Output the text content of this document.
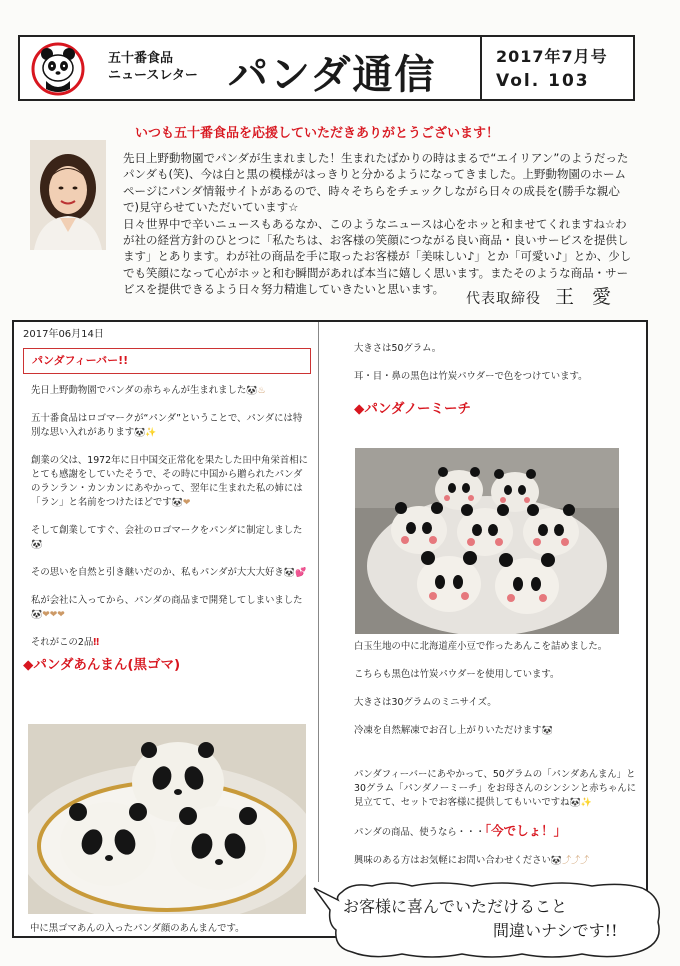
五十番食品
ニュースレター パンダ通信	2017年7月号
Vol. 103
いつも五十番食品を応援していただきありがとうございます！

先日上野動物園でパンダが生まれました！生まれたばかりの時はまるで“エイリアン”のようだったパンダも(笑)、今は白と黒の模様がはっきりと分かるようになってきました。上野動物園のホームページにパンダ情報サイトがあるので、時々そちらをチェックしながら日々の成長を(勝手な親心で)見守らせていただいています☆

日々世界中で辛いニュースもあるなか、このようなニュースは心をホッと和ませてくれますね☆わが社の経営方針のひとつに「私たちは、お客様の笑顔につながる良い商品・良いサービスを提供します」とあります。わが社の商品を手に取ったお客様が「美味しい♪」とか「可愛い♪」とか、少しでも笑顔になって心がホッと和む瞬間があれば本当に嬉しく思います。またそのような商品・サービスを提供できるよう日々努力精進していきたいと思います。

代表取締役 王 愛
2017年06月14日
パンダフィーバー!!

先日上野動物園でパンダの赤ちゃんが生まれました🐼♨

五十番食品はロゴマークが“パンダ”ということで、パンダには特別な思い入れがあります🐼✨

創業の父は、1972年に日中国交正常化を果たした田中角栄首相にとても感謝をしていたそうで、その時に中国から贈られたパンダのランラン・カンカンにあやかって、翌年に生まれた私の姉には「ラン」と名前をつけたほどです🐼❤

そして創業してすぐ、会社のロゴマークをパンダに制定しました🐼

その思いを自然と引き継いだのか、私もパンダが大大大好き🐼💕

私が会社に入ってから、パンダの商品まで開発してしまいました🐼❤❤❤

それがこの2品‼

◆パンダあんまん(黒ゴマ)

中に黒ゴマあんの入ったパンダ顔のあんまんです。

大きさは50グラム。

耳・目・鼻の黒色は竹炭パウダーで色をつけています。

◆パンダノーミーチ

白玉生地の中に北海道産小豆で作ったあんこを詰めました。

こちらも黒色は竹炭パウダーを使用しています。

大きさは30グラムのミニサイズ。

冷凍を自然解凍でお召し上がりいただけます🐼

パンダフィーバーにあやかって、50グラムの「パンダあんまん」と30グラム「パンダノーミーチ」をお母さんのシンシンと赤ちゃんに見立てて、セットでお客様に提供してもいいですね🐼✨

パンダの商品、使うなら・・・「今でしょ！」

興味のある方はお気軽にお問い合わせください🐼⤴⤴⤴

お客様に喜んでいただけること
間違いナシです!!
